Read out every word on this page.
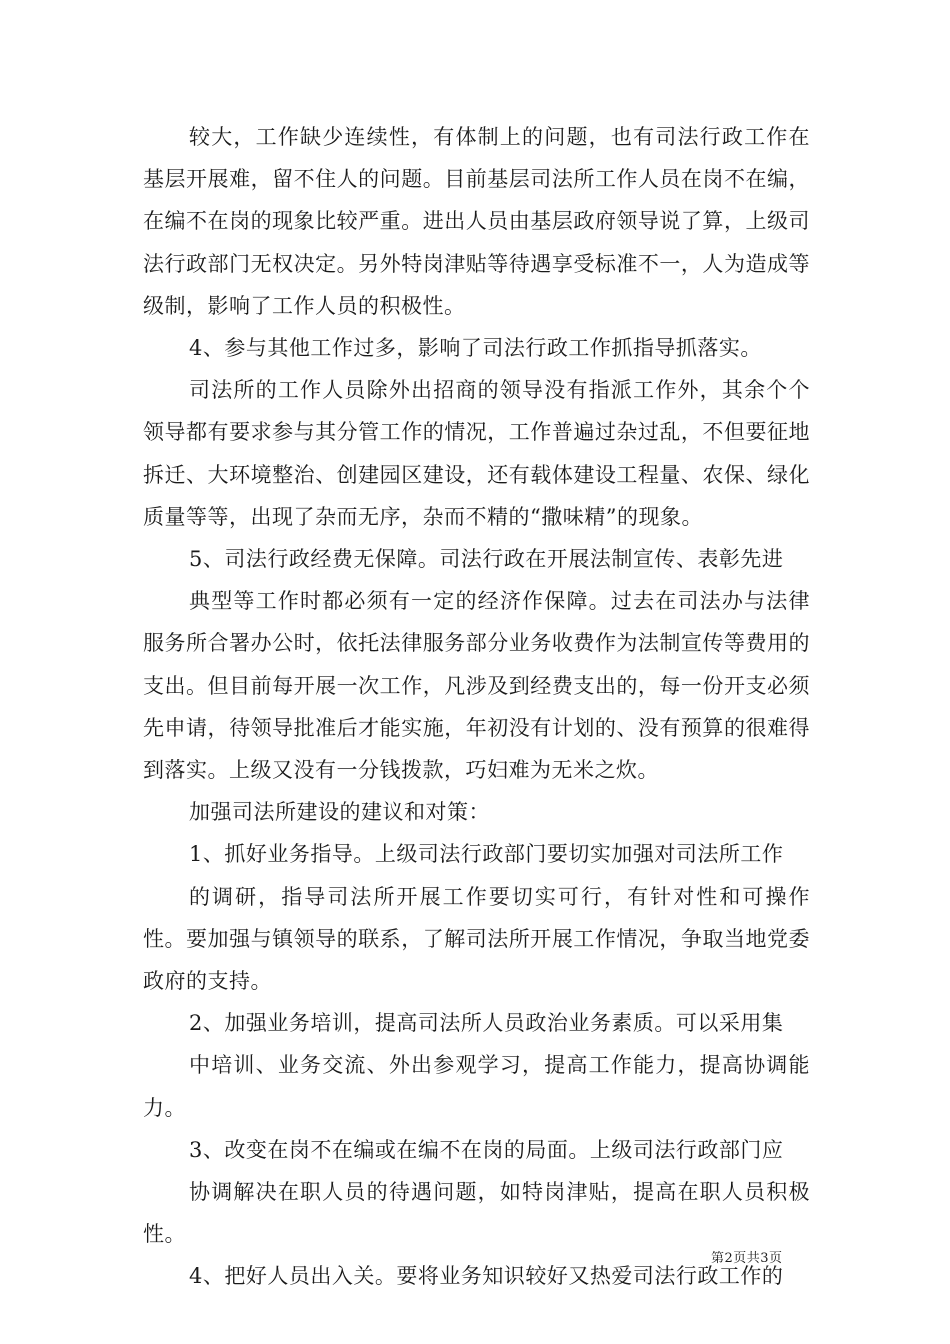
较大，工作缺少连续性，有体制上的问题，也有司法行政工作在基层开展难，留不住人的问题。目前基层司法所工作人员在岗不在编，在编不在岗的现象比较严重。进出人员由基层政府领导说了算，上级司法行政部门无权决定。另外特岗津贴等待遇享受标准不一，人为造成等级制，影响了工作人员的积极性。

4、参与其他工作过多，影响了司法行政工作抓指导抓落实。

司法所的工作人员除外出招商的领导没有指派工作外，其余个个领导都有要求参与其分管工作的情况，工作普遍过杂过乱，不但要征地拆迁、大环境整治、创建园区建设，还有载体建设工程量、农保、绿化质量等等，出现了杂而无序，杂而不精的“撒味精”的现象。

5、司法行政经费无保障。司法行政在开展法制宣传、表彰先进

典型等工作时都必须有一定的经济作保障。过去在司法办与法律服务所合署办公时，依托法律服务部分业务收费作为法制宣传等费用的支出。但目前每开展一次工作，凡涉及到经费支出的，每一份开支必须先申请，待领导批准后才能实施，年初没有计划的、没有预算的很难得到落实。上级又没有一分钱拨款，巧妇难为无米之炊。

加强司法所建设的建议和对策：

1、抓好业务指导。上级司法行政部门要切实加强对司法所工作

的调研，指导司法所开展工作要切实可行，有针对性和可操作性。要加强与镇领导的联系，了解司法所开展工作情况，争取当地党委政府的支持。

2、加强业务培训，提高司法所人员政治业务素质。可以采用集

中培训、业务交流、外出参观学习，提高工作能力，提高协调能力。

3、改变在岗不在编或在编不在岗的局面。上级司法行政部门应

协调解决在职人员的待遇问题，如特岗津贴，提高在职人员积极性。

4、把好人员出入关。要将业务知识较好又热爱司法行政工作的

第2页共3页
